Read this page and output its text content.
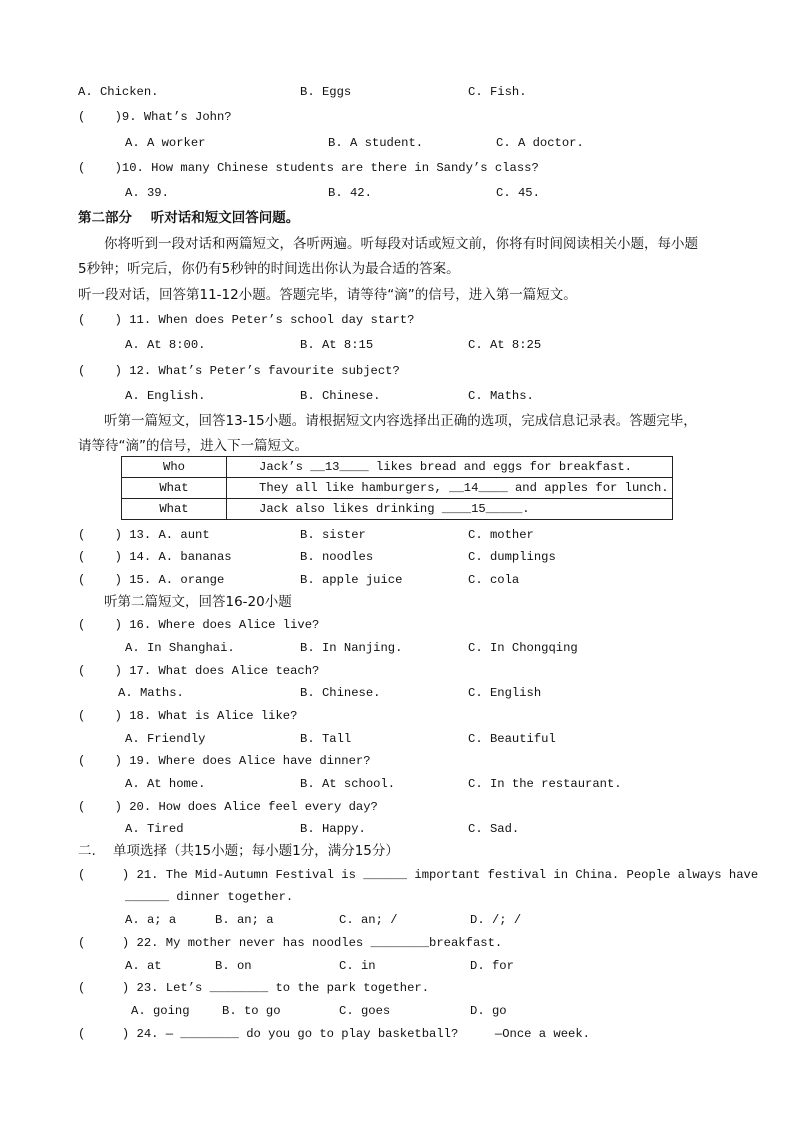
A. Chicken.	B. Eggs	C. Fish.
(    )9. What’s John?
A. A worker	B. A student.	C. A doctor.
(    )10. How many Chinese students are there in Sandy’s class?
A. 39.	B. 42.	C. 45.
第二部分    听对话和短文回答问题。
你将听到一段对话和两篇短文，各听两遍。听每段对话或短文前，你将有时间阅读相关小题，每小题
5秒钟；听完后，你仍有5秒钟的时间选出你认为最合适的答案。
听一段对话，回答第11-12小题。答题完毕，请等待“滴”的信号，进入第一篇短文。
(    ) 11. When does Peter’s school day start?
A. At 8:00.	B. At 8:15	C. At 8:25
(    ) 12. What’s Peter’s favourite subject?
A. English.	B. Chinese.	C. Maths.
听第一篇短文，回答13-15小题。请根据短文内容选择出正确的选项，完成信息记录表。答题完毕，
请等待“滴”的信号，进入下一篇短文。
Who	Jack’s __13____ likes bread and eggs for breakfast.
What	They all like hamburgers, __14____ and apples for lunch.
What	Jack also likes drinking ____15_____.
(    ) 13. A. aunt	B. sister	C. mother
(    ) 14. A. bananas	B. noodles	C. dumplings
(    ) 15. A. orange	B. apple juice	C. cola
听第二篇短文，回答16-20小题
(    ) 16. Where does Alice live?
A. In Shanghai.	B. In Nanjing.	C. In Chongqing
(    ) 17. What does Alice teach?
A. Maths.	B. Chinese.	C. English
(    ) 18. What is Alice like?
A. Friendly	B. Tall	C. Beautiful
(    ) 19. Where does Alice have dinner?
A. At home.	B. At school.	C. In the restaurant.
(    ) 20. How does Alice feel every day?
A. Tired	B. Happy.	C. Sad.
二.    单项选择（共15小题；每小题1分，满分15分）
(     ) 21. The Mid-Autumn Festival is ______ important festival in China. People always have
______ dinner together.
A. a; a	B. an; a	C. an; /	D. /; /
(     ) 22. My mother never has noodles ________breakfast.
A. at	B. on	C. in	D. for
(     ) 23. Let’s ________ to the park together.
A. going	B. to go	C. goes	D. go
(     ) 24. — ________ do you go to play basketball?     —Once a week.
